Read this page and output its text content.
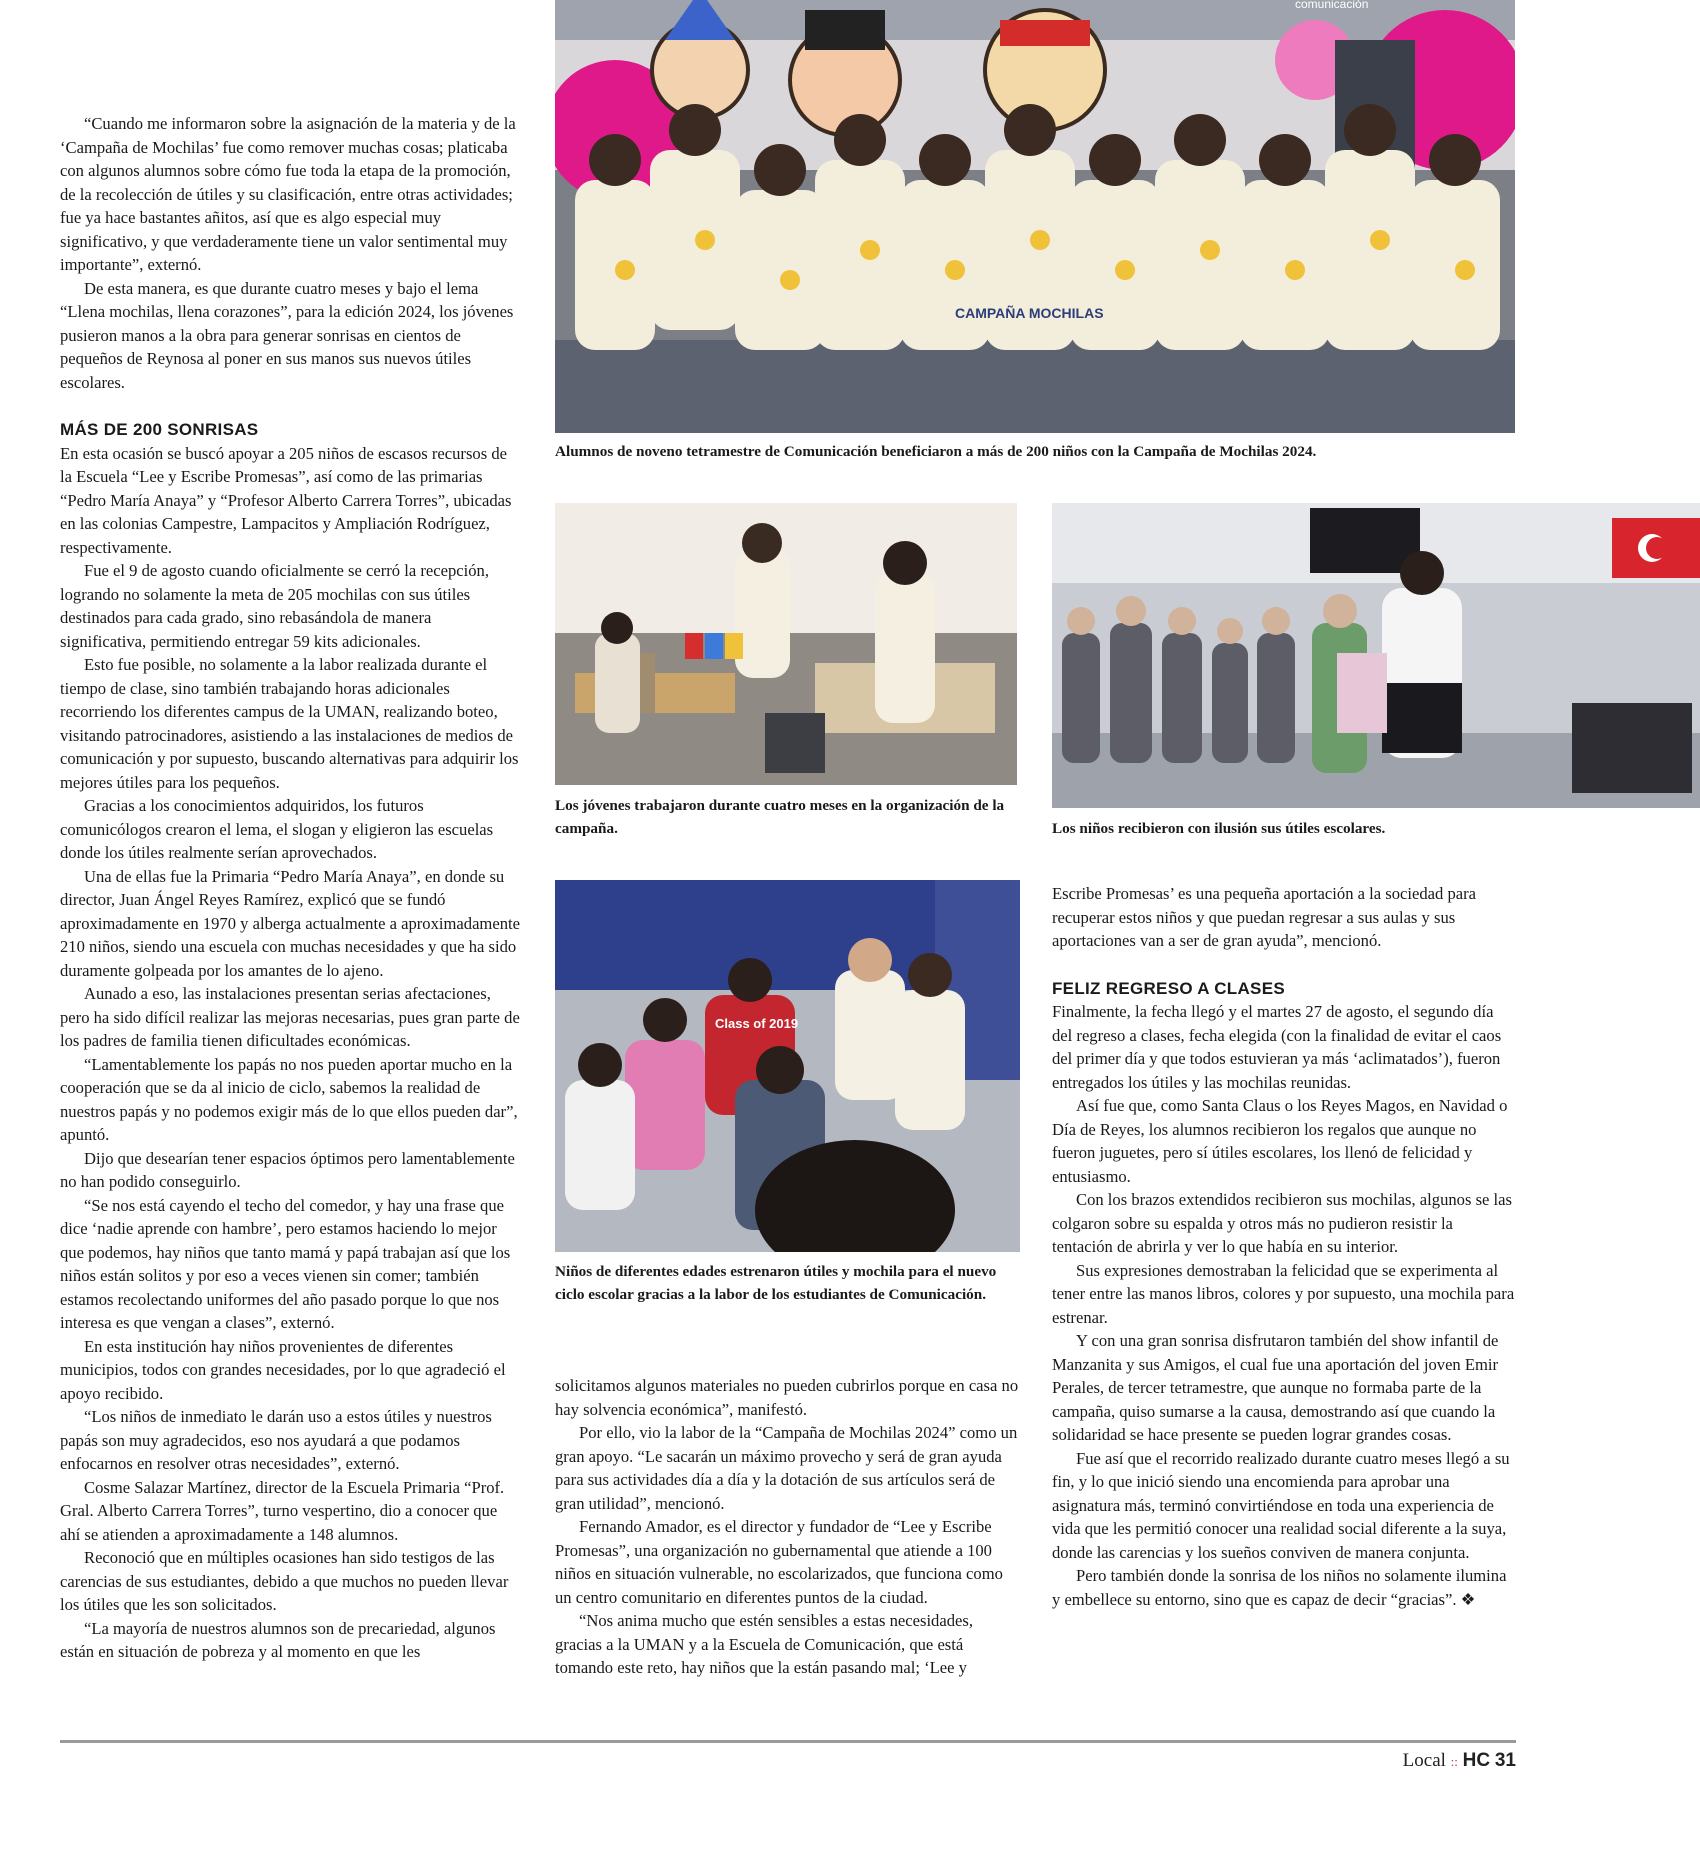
“Cuando me informaron sobre la asignación de la materia y de la ‘Campaña de Mochilas’ fue como remover muchas cosas; platicaba con algunos alumnos sobre cómo fue toda la etapa de la promoción, de la recolección de útiles y su clasificación, entre otras actividades; fue ya hace bastantes añitos, así que es algo especial muy significativo, y que verdaderamente tiene un valor sentimental muy importante”, externó.

De esta manera, es que durante cuatro meses y bajo el lema “Llena mochilas, llena corazones”, para la edición 2024, los jóvenes pusieron manos a la obra para generar sonrisas en cientos de pequeños de Reynosa al poner en sus manos sus nuevos útiles escolares.

MÁS DE 200 SONRISAS

En esta ocasión se buscó apoyar a 205 niños de escasos recursos de la Escuela “Lee y Escribe Promesas”, así como de las primarias “Pedro María Anaya” y “Profesor Alberto Carrera Torres”, ubicadas en las colonias Campestre, Lampacitos y Ampliación Rodríguez, respectivamente.

Fue el 9 de agosto cuando oficialmente se cerró la recepción, logrando no solamente la meta de 205 mochilas con sus útiles destinados para cada grado, sino rebasándola de manera significativa, permitiendo entregar 59 kits adicionales.

Esto fue posible, no solamente a la labor realizada durante el tiempo de clase, sino también trabajando horas adicionales recorriendo los diferentes campus de la UMAN, realizando boteo, visitando patrocinadores, asistiendo a las instalaciones de medios de comunicación y por supuesto, buscando alternativas para adquirir los mejores útiles para los pequeños.

Gracias a los conocimientos adquiridos, los futuros comunicólogos crearon el lema, el slogan y eligieron las escuelas donde los útiles realmente serían aprovechados.

Una de ellas fue la Primaria “Pedro María Anaya”, en donde su director, Juan Ángel Reyes Ramírez, explicó que se fundó aproximadamente en 1970 y alberga actualmente a aproximadamente 210 niños, siendo una escuela con muchas necesidades y que ha sido duramente golpeada por los amantes de lo ajeno.

Aunado a eso, las instalaciones presentan serias afectaciones, pero ha sido difícil realizar las mejoras necesarias, pues gran parte de los padres de familia tienen dificultades económicas.

“Lamentablemente los papás no nos pueden aportar mucho en la cooperación que se da al inicio de ciclo, sabemos la realidad de nuestros papás y no podemos exigir más de lo que ellos pueden dar”, apuntó.

Dijo que desearían tener espacios óptimos pero lamentablemente no han podido conseguirlo.

“Se nos está cayendo el techo del comedor, y hay una frase que dice ‘nadie aprende con hambre’, pero estamos haciendo lo mejor que podemos, hay niños que tanto mamá y papá trabajan así que los niños están solitos y por eso a veces vienen sin comer; también estamos recolectando uniformes del año pasado porque lo que nos interesa es que vengan a clases”, externó.

En esta institución hay niños provenientes de diferentes municipios, todos con grandes necesidades, por lo que agradeció el apoyo recibido.

“Los niños de inmediato le darán uso a estos útiles y nuestros papás son muy agradecidos, eso nos ayudará a que podamos enfocarnos en resolver otras necesidades”, externó.

Cosme Salazar Martínez, director de la Escuela Primaria “Prof. Gral. Alberto Carrera Torres”, turno vespertino, dio a conocer que ahí se atienden a aproximadamente a 148 alumnos.

Reconoció que en múltiples ocasiones han sido testigos de las carencias de sus estudiantes, debido a que muchos no pueden llevar los útiles que les son solicitados.

“La mayoría de nuestros alumnos son de precariedad, algunos están en situación de pobreza y al momento en que les

CAMPAÑA MOCHILAS
comunicación
Alumnos de noveno tetramestre de Comunicación beneficiaron a más de 200 niños con la Campaña de Mochilas 2024.
Los jóvenes trabajaron durante cuatro meses en la organización de la campaña.	Los niños recibieron con ilusión sus útiles escolares.
Class of 2019
Niños de diferentes edades estrenaron útiles y mochila para el nuevo ciclo escolar gracias a la labor de los estudiantes de Comunicación.

solicitamos algunos materiales no pueden cubrirlos porque en casa no hay solvencia económica”, manifestó.

Por ello, vio la labor de la “Campaña de Mochilas 2024” como un gran apoyo. “Le sacarán un máximo provecho y será de gran ayuda para sus actividades día a día y la dotación de sus artículos será de gran utilidad”, mencionó.

Fernando Amador, es el director y fundador de “Lee y Escribe Promesas”, una organización no gubernamental que atiende a 100 niños en situación vulnerable, no escolarizados, que funciona como un centro comunitario en diferentes puntos de la ciudad.

“Nos anima mucho que estén sensibles a estas necesidades, gracias a la UMAN y a la Escuela de Comunicación, que está tomando este reto, hay niños que la están pasando mal; ‘Lee y

Escribe Promesas’ es una pequeña aportación a la sociedad para recuperar estos niños y que puedan regresar a sus aulas y sus aportaciones van a ser de gran ayuda”, mencionó.

FELIZ REGRESO A CLASES

Finalmente, la fecha llegó y el martes 27 de agosto, el segundo día del regreso a clases, fecha elegida (con la finalidad de evitar el caos del primer día y que todos estuvieran ya más ‘aclimatados’), fueron entregados los útiles y las mochilas reunidas.

Así fue que, como Santa Claus o los Reyes Magos, en Navidad o Día de Reyes, los alumnos recibieron los regalos que aunque no fueron juguetes, pero sí útiles escolares, los llenó de felicidad y entusiasmo.

Con los brazos extendidos recibieron sus mochilas, algunos se las colgaron sobre su espalda y otros más no pudieron resistir la tentación de abrirla y ver lo que había en su interior.

Sus expresiones demostraban la felicidad que se experimenta al tener entre las manos libros, colores y por supuesto, una mochila para estrenar.

Y con una gran sonrisa disfrutaron también del show infantil de Manzanita y sus Amigos, el cual fue una aportación del joven Emir Perales, de tercer tetramestre, que aunque no formaba parte de la campaña, quiso sumarse a la causa, demostrando así que cuando la solidaridad se hace presente se pueden lograr grandes cosas.

Fue así que el recorrido realizado durante cuatro meses llegó a su fin, y lo que inició siendo una encomienda para aprobar una asignatura más, terminó convirtiéndose en toda una experiencia de vida que les permitió conocer una realidad social diferente a la suya, donde las carencias y los sueños conviven de manera conjunta.

Pero también donde la sonrisa de los niños no solamente ilumina y embellece su entorno, sino que es capaz de decir “gracias”. ❖

Local :: HC 31
